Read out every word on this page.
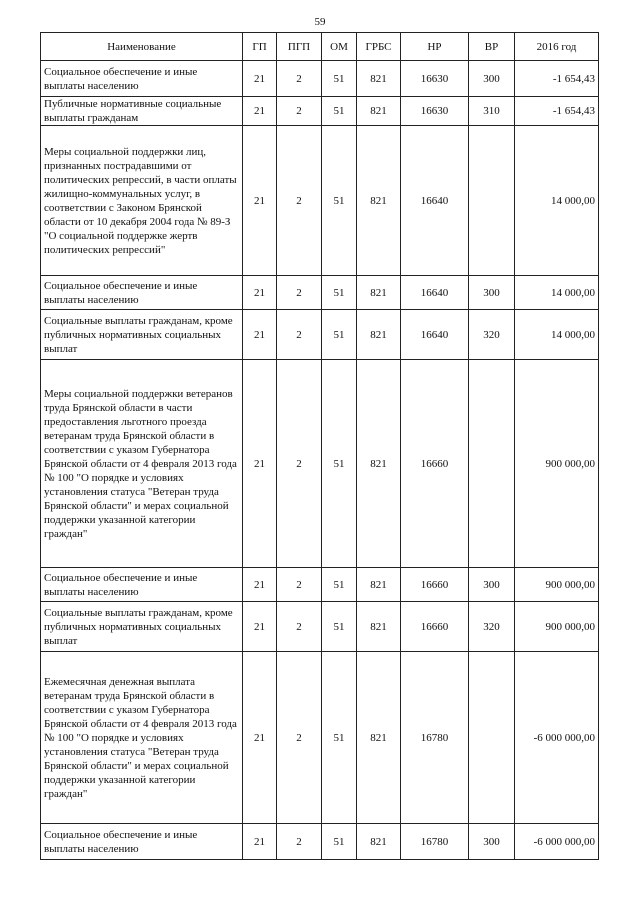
59
Наименование	ГП	ПГП	ОМ	ГРБС	НР	ВР	2016 год
Социальное обеспечение и иные выплаты населению	21	2	51	821	16630	300	-1 654,43
Публичные нормативные социальные выплаты гражданам	21	2	51	821	16630	310	-1 654,43
Меры социальной поддержки лиц, признанных пострадавшими от политических репрессий, в части оплаты жилищно-коммунальных услуг, в соответствии с Законом Брянской области от 10 декабря 2004 года № 89-З "О социальной поддержке жертв политических репрессий"	21	2	51	821	16640		14 000,00
Социальное обеспечение и иные выплаты населению	21	2	51	821	16640	300	14 000,00
Социальные выплаты гражданам, кроме публичных нормативных социальных выплат	21	2	51	821	16640	320	14 000,00
Меры социальной поддержки ветеранов труда Брянской области в части предоставления льготного проезда ветеранам труда Брянской области в соответствии с указом Губернатора Брянской области от 4 февраля 2013 года № 100 "О порядке и условиях установления статуса "Ветеран труда Брянской области" и мерах социальной поддержки указанной категории граждан"	21	2	51	821	16660		900 000,00
Социальное обеспечение и иные выплаты населению	21	2	51	821	16660	300	900 000,00
Социальные выплаты гражданам, кроме публичных нормативных социальных выплат	21	2	51	821	16660	320	900 000,00
Ежемесячная денежная выплата ветеранам труда Брянской области в соответствии с указом Губернатора Брянской области от 4 февраля 2013 года № 100 "О порядке и условиях установления статуса "Ветеран труда Брянской области" и мерах социальной поддержки указанной категории граждан"	21	2	51	821	16780		-6 000 000,00
Социальное обеспечение и иные выплаты населению	21	2	51	821	16780	300	-6 000 000,00
